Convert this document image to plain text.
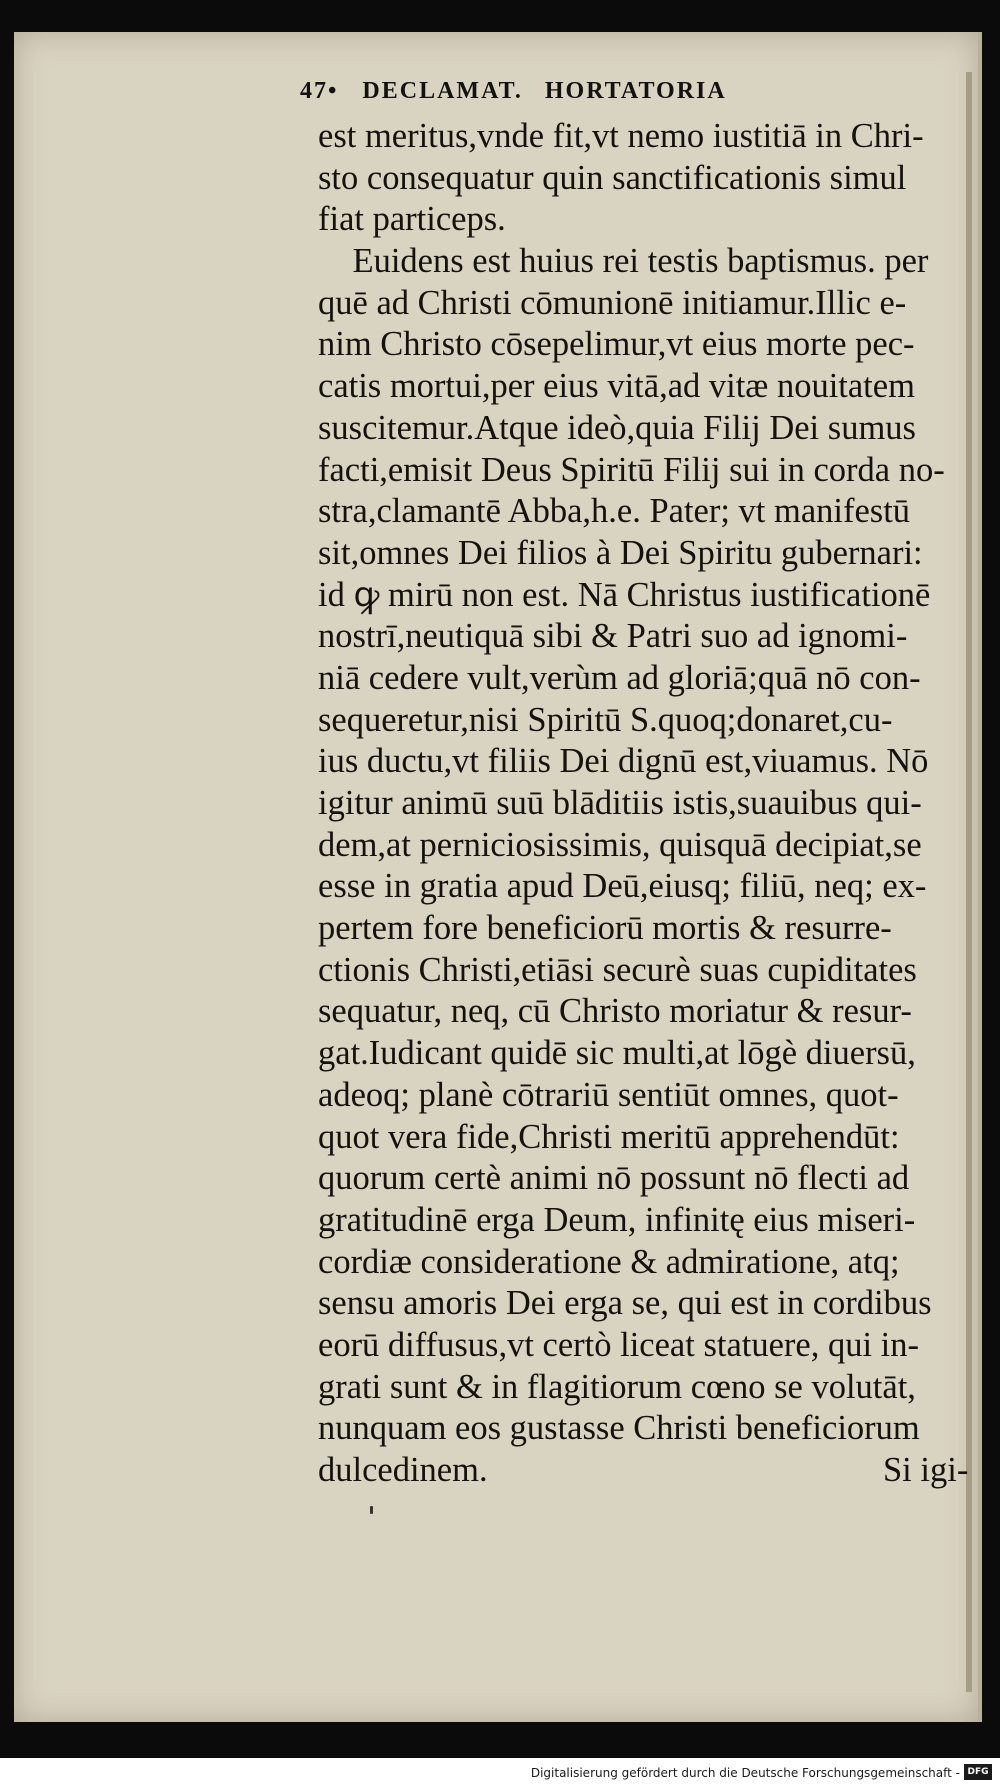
47• DECLAMAT. HORTATORIA
est meritus,vnde fit,vt nemo iustitiā in Chri-
sto consequatur quin sanctificationis simul
fiat particeps.
Euidens est huius rei testis baptismus. per
quē ad Christi cōmunionē initiamur.Illic e-
nim Christo cōsepelimur,vt eius morte pec-
catis mortui,per eius vitā,ad vitæ nouitatem
suscitemur.Atque ideò,quia Filij Dei sumus
facti,emisit Deus Spiritū Filij sui in corda no-
stra,clamantē Abba,h.e. Pater; vt manifestū
sit,omnes Dei filios à Dei Spiritu gubernari:
id ꝙ mirū non est. Nā Christus iustificationē
nostrī,neutiquā sibi & Patri suo ad ignomi-
niā cedere vult,verùm ad gloriā;quā nō con-
sequeretur,nisi Spiritū S.quoq;donaret,cu-
ius ductu,vt filiis Dei dignū est,viuamus. Nō
igitur animū suū blāditiis istis,suauibus qui-
dem,at perniciosissimis, quisquā decipiat,se
esse in gratia apud Deū,eiusq; filiū, neq; ex-
pertem fore beneficiorū mortis & resurre-
ctionis Christi,etiāsi securè suas cupiditates
sequatur, neq, cū Christo moriatur & resur-
gat.Iudicant quidē sic multi,at lōgè diuersū,
adeoq; planè cōtrariū sentiūt omnes, quot-
quot vera fide,Christi meritū apprehendūt:
quorum certè animi nō possunt nō flecti ad
gratitudinē erga Deum, infinitę eius miseri-
cordiæ consideratione & admiratione, atq;
sensu amoris Dei erga se, qui est in cordibus
eorū diffusus,vt certò liceat statuere, qui in-
grati sunt & in flagitiorum cœno se volutāt,
nunquam eos gustasse Christi beneficiorum
dulcedinem.	Si igi-
Digitalisierung gefördert durch die Deutsche Forschungsgemeinschaft - DFG
